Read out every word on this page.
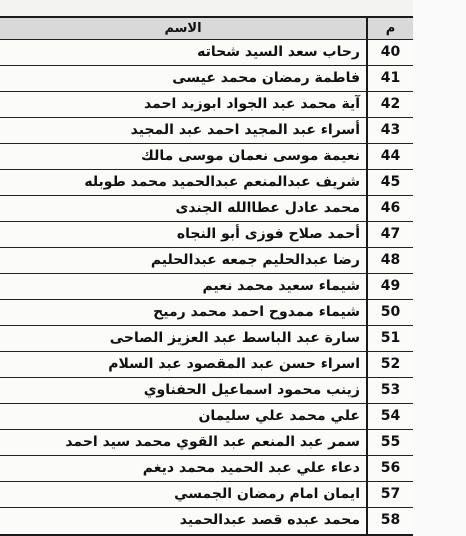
الاسم	م
رحاب سعد السيد شحاته	40
فاطمة رمضان محمد عيسى	41
آية محمد عبد الجواد ابوزيد احمد	42
أسراء عبد المجيد احمد عبد المجيد	43
نعيمة موسى نعمان موسى مالك	44
شريف عبدالمنعم عبدالحميد محمد طوبله	45
محمد عادل عطاالله الجندى	46
أحمد صلاح فوزى أبو النجاه	47
رضا عبدالحليم جمعه عبدالحليم	48
شيماء سعيد محمد نعيم	49
شيماء ممدوح احمد محمد رميح	50
سارة عبد الباسط عبد العزيز الصاحى	51
اسراء حسن عبد المقصود عبد السلام	52
زينب محمود اسماعيل الحفناوي	53
علي محمد علي سليمان	54
سمر عبد المنعم عبد القوي محمد سيد احمد	55
دعاء علي عبد الحميد محمد ديغم	56
ايمان امام رمضان الجمسي	57
محمد عبده قصد عبدالحميد	58
